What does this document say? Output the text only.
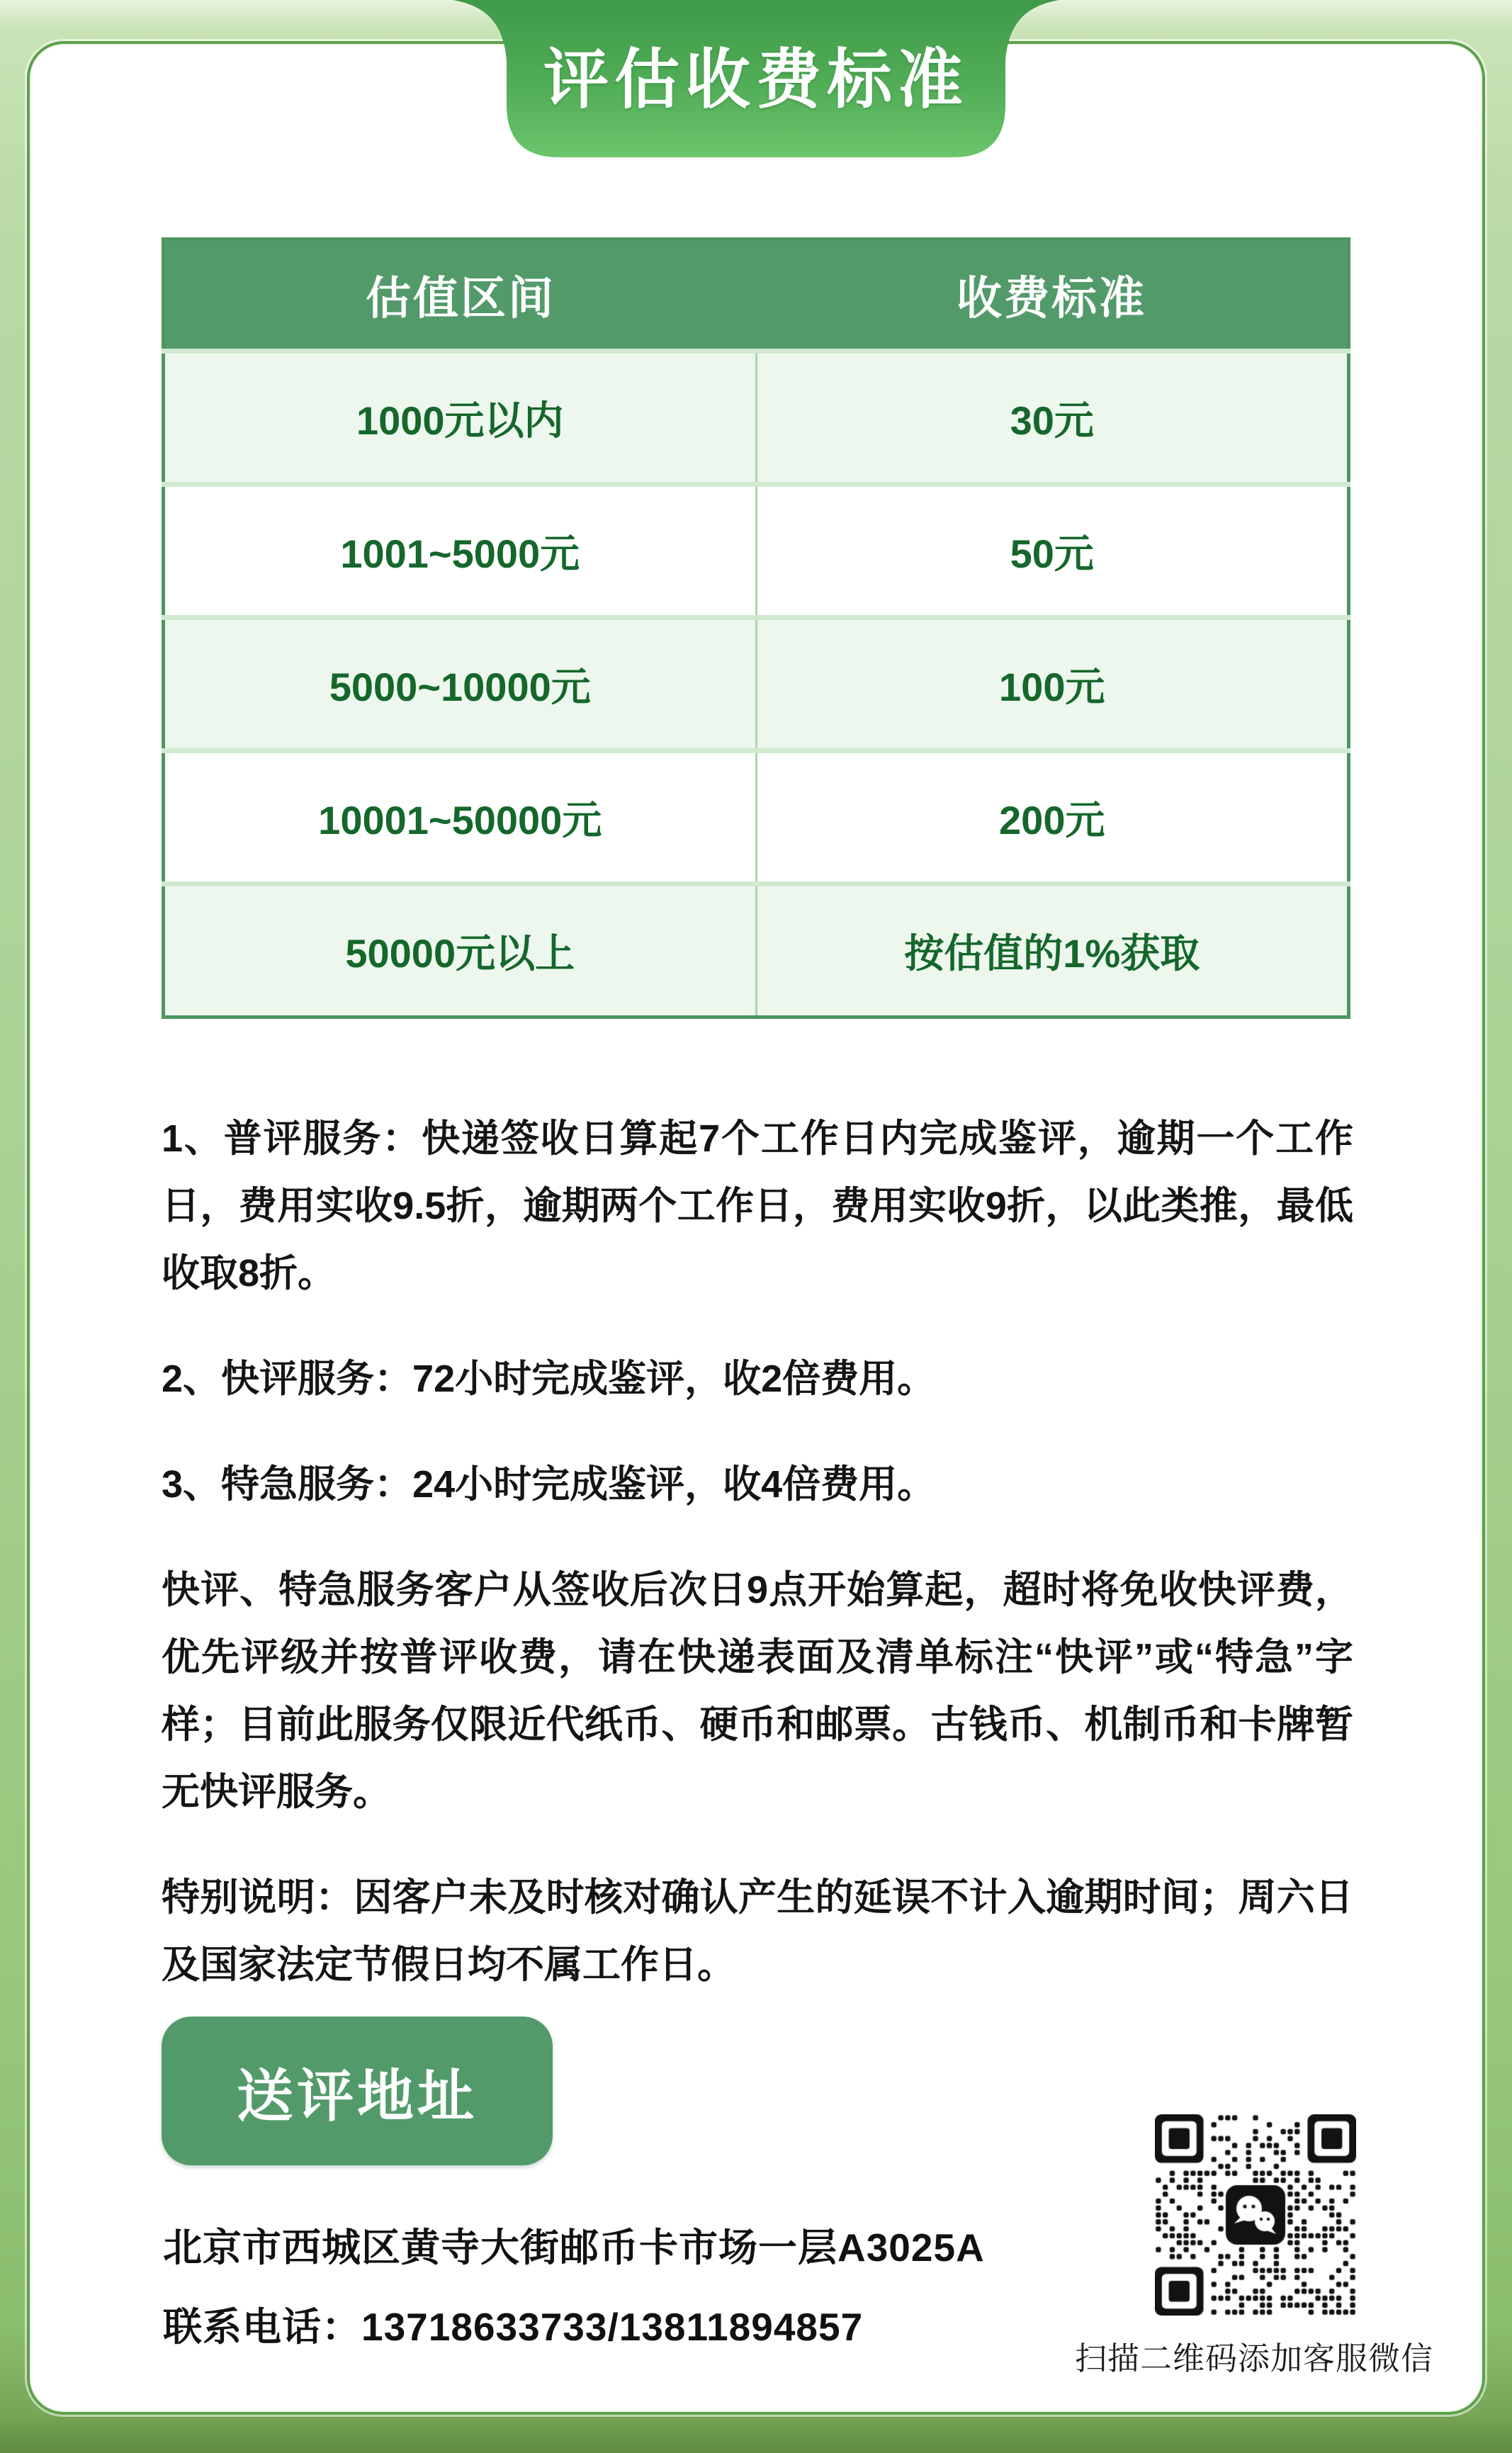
评估收费标准
估值区间	收费标准
1000元以内	30元
1001~5000元	50元
5000~10000元	100元
10001~50000元	200元
50000元以上	按估值的1%获取

1、普评服务：快递签收日算起7个工作日内完成鉴评，逾期一个工作日，费用实收9.5折，逾期两个工作日，费用实收9折，以此类推，最低收取8折。

2、快评服务：72小时完成鉴评，收2倍费用。

3、特急服务：24小时完成鉴评，收4倍费用。

快评、特急服务客户从签收后次日9点开始算起，超时将免收快评费，优先评级并按普评收费，请在快递表面及清单标注“快评”或“特急”字样；目前此服务仅限近代纸币、硬币和邮票。古钱币、机制币和卡牌暂无快评服务。

特别说明：因客户未及时核对确认产生的延误不计入逾期时间；周六日及国家法定节假日均不属工作日。

送评地址
北京市西城区黄寺大街邮币卡市场一层A3025A
联系电话：13718633733/13811894857
扫描二维码添加客服微信
